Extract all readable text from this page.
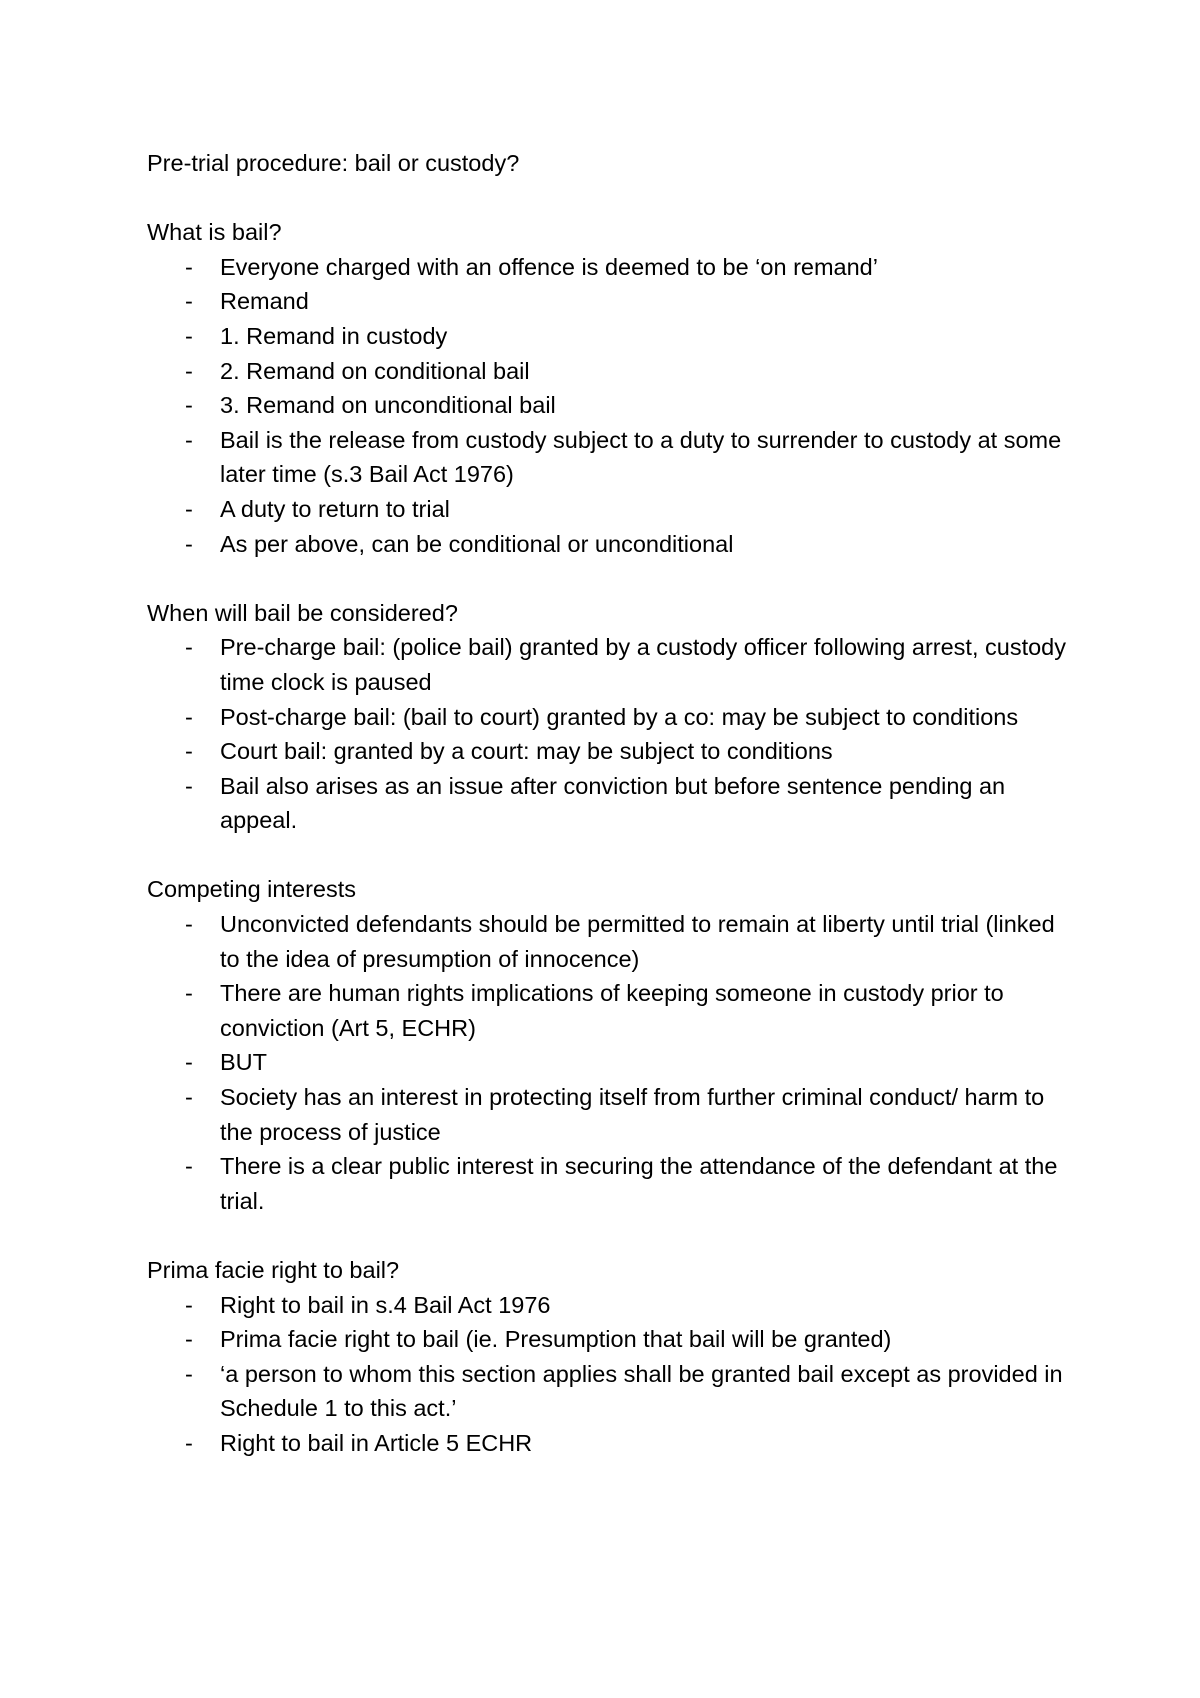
Pre-trial procedure: bail or custody?
What is bail?
- Everyone charged with an offence is deemed to be ‘on remand’
- Remand
- 1. Remand in custody
- 2. Remand on conditional bail
- 3. Remand on unconditional bail
- Bail is the release from custody subject to a duty to surrender to custody at some later time (s.3 Bail Act 1976)
- A duty to return to trial
- As per above, can be conditional or unconditional
When will bail be considered?
- Pre-charge bail: (police bail) granted by a custody officer following arrest, custody time clock is paused
- Post-charge bail: (bail to court) granted by a co: may be subject to conditions
- Court bail: granted by a court: may be subject to conditions
- Bail also arises as an issue after conviction but before sentence pending an appeal.
Competing interests
- Unconvicted defendants should be permitted to remain at liberty until trial (linked to the idea of presumption of innocence)
- There are human rights implications of keeping someone in custody prior to conviction (Art 5, ECHR)
- BUT
- Society has an interest in protecting itself from further criminal conduct/ harm to the process of justice
- There is a clear public interest in securing the attendance of the defendant at the trial.
Prima facie right to bail?
- Right to bail in s.4 Bail Act 1976
- Prima facie right to bail (ie. Presumption that bail will be granted)
- ‘a person to whom this section applies shall be granted bail except as provided in Schedule 1 to this act.’
- Right to bail in Article 5 ECHR
